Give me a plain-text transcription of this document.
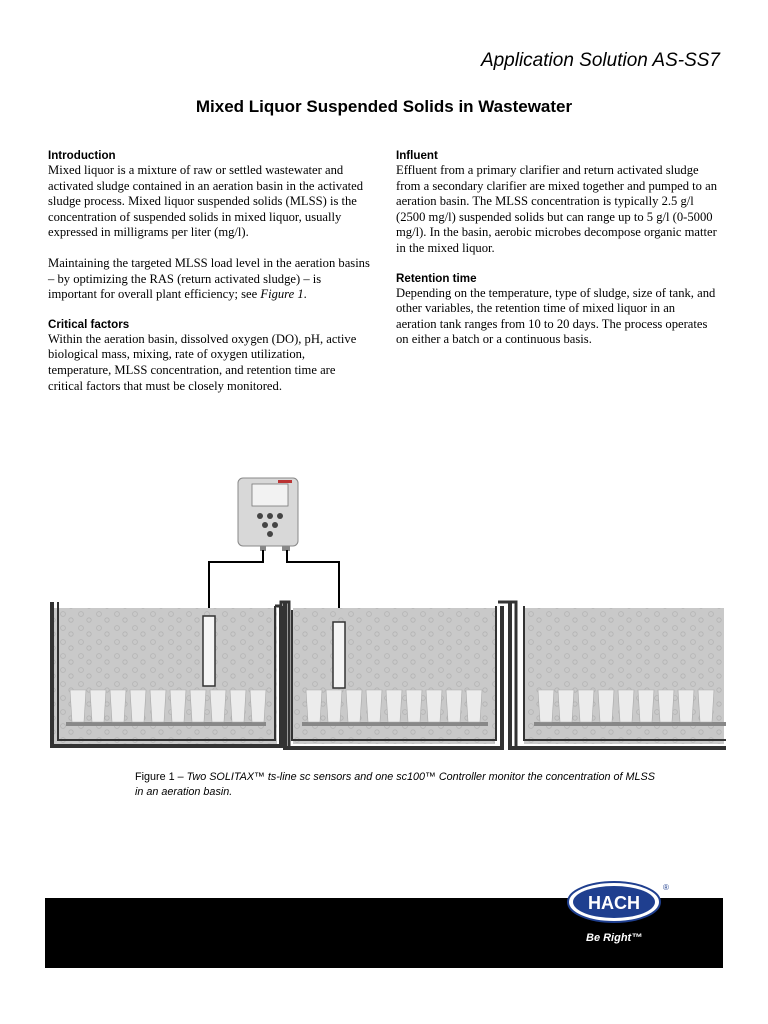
Application Solution AS-SS7
Mixed Liquor Suspended Solids in Wastewater

Introduction

Mixed liquor is a mixture of raw or settled wastewater and activated sludge contained in an aeration basin in the activated sludge process. Mixed liquor suspended solids (MLSS) is the concentration of suspended solids in mixed liquor, usually expressed in milligrams per liter (mg/l).

Maintaining the targeted MLSS load level in the aeration basins – by optimizing the RAS (return activated sludge) – is important for overall plant efficiency; see Figure 1.

Critical factors

Within the aeration basin, dissolved oxygen (DO), pH, active biological mass, mixing, rate of oxygen utilization, temperature, MLSS concentration, and retention time are critical factors that must be closely monitored.

Influent

Effluent from a primary clarifier and return activated sludge from a secondary clarifier are mixed together and pumped to an aeration basin. The MLSS concentration is typically 2.5 g/l (2500 mg/l) suspended solids but can range up to 5 g/l (0-5000 mg/l). In the basin, aerobic microbes decompose organic matter in the mixed liquor.

Retention time

Depending on the temperature, type of sludge, size of tank, and other variables, the retention time of mixed liquor in an aeration tank ranges from 10 to 20 days. The process operates on either a batch or a continuous basis.

Figure 1 – Two SOLITAX™ ts-line sc sensors and one sc100™ Controller monitor the concentration of MLSS in an aeration basin.
HACH
®
Be Right™
